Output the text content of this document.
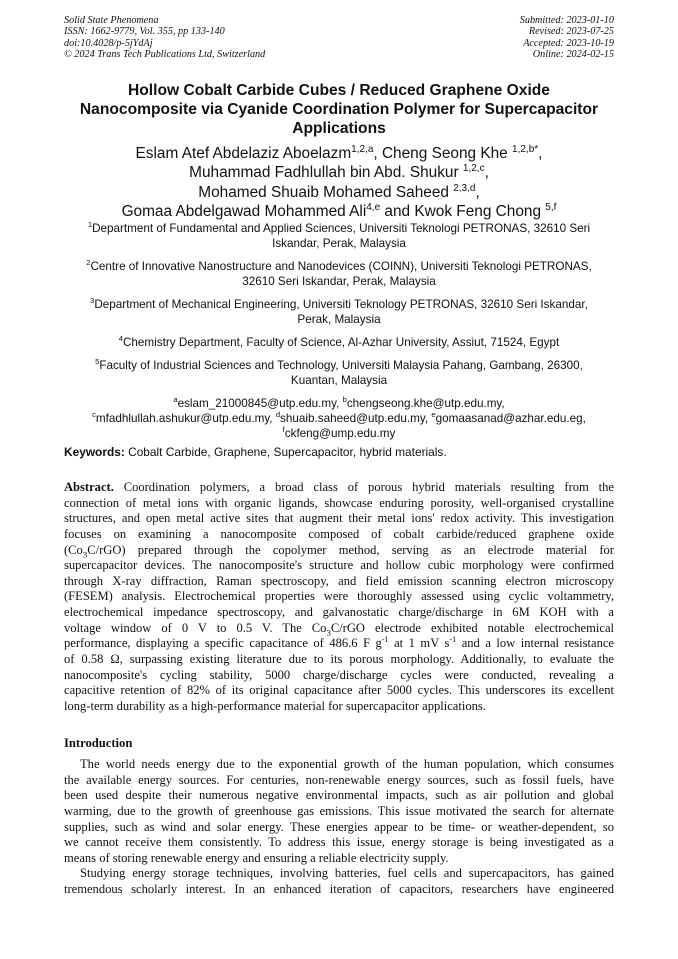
Solid State Phenomena
ISSN: 1662-9779, Vol. 355, pp 133-140
doi:10.4028/p-5jYdAj
© 2024 Trans Tech Publications Ltd, Switzerland
Submitted: 2023-01-10
Revised: 2023-07-25
Accepted: 2023-10-19
Online: 2024-02-15
Hollow Cobalt Carbide Cubes / Reduced Graphene Oxide
Nanocomposite via Cyanide Coordination Polymer for Supercapacitor
Applications
Eslam Atef Abdelaziz Aboelazm$^{1,2,a}$, Cheng Seong Khe $^{1,2,b*}$,
Muhammad Fadhlullah bin Abd. Shukur $^{1,2,c}$,
Mohamed Shuaib Mohamed Saheed $^{2,3,d}$,
Gomaa Abdelgawad Mohammed Ali$^{4,e}$ and Kwok Feng Chong $^{5,f}$
$^1$Department of Fundamental and Applied Sciences, Universiti Teknologi PETRONAS, 32610 Seri
Iskandar, Perak, Malaysia
$^2$Centre of Innovative Nanostructure and Nanodevices (COINN), Universiti Teknologi PETRONAS,
32610 Seri Iskandar, Perak, Malaysia
$^3$Department of Mechanical Engineering, Universiti Teknology PETRONAS, 32610 Seri Iskandar,
Perak, Malaysia
$^4$Chemistry Department, Faculty of Science, Al-Azhar University, Assiut, 71524, Egypt
$^5$Faculty of Industrial Sciences and Technology, Universiti Malaysia Pahang, Gambang, 26300,
Kuantan, Malaysia
$^a$eslam_21000845@utp.edu.my, $^b$chengseong.khe@utp.edu.my,
$^c$mfadhlullah.ashukur@utp.edu.my, $^d$shuaib.saheed@utp.edu.my, $^e$gomaasanad@azhar.edu.eg,
$^f$ckfeng@ump.edu.my
Keywords: Cobalt Carbide, Graphene, Supercapacitor, hybrid materials.
Abstract. Coordination polymers, a broad class of porous hybrid materials resulting from the
connection of metal ions with organic ligands, showcase enduring porosity, well-organised crystalline
structures, and open metal active sites that augment their metal ions' redox activity. This investigation
focuses on examining a nanocomposite composed of cobalt carbide/reduced graphene oxide
$(Co_3C/rGO)$ prepared through the copolymer method, serving as an electrode material for
supercapacitor devices. The nanocomposite's structure and hollow cubic morphology were confirmed
through X-ray diffraction, Raman spectroscopy, and field emission scanning electron microscopy
(FESEM) analysis. Electrochemical properties were thoroughly assessed using cyclic voltammetry,
electrochemical impedance spectroscopy, and galvanostatic charge/discharge in 6M KOH with a
voltage window of 0 V to 0.5 V. The $Co_3C$/rGO electrode exhibited notable electrochemical
performance, displaying a specific capacitance of 486.6 F $g^{-1}$ at 1 mV $s^{-1}$ and a low internal resistance
of 0.58 Ω, surpassing existing literature due to its porous morphology. Additionally, to evaluate the
nanocomposite's cycling stability, 5000 charge/discharge cycles were conducted, revealing a
capacitive retention of 82% of its original capacitance after 5000 cycles. This underscores its excellent
long-term durability as a high-performance material for supercapacitor applications.
Introduction
The world needs energy due to the exponential growth of the human population, which consumes
the available energy sources. For centuries, non-renewable energy sources, such as fossil fuels, have
been used despite their numerous negative environmental impacts, such as air pollution and global
warming, due to the growth of greenhouse gas emissions. This issue motivated the search for alternate
supplies, such as wind and solar energy. These energies appear to be time- or weather-dependent, so
we cannot receive them consistently. To address this issue, energy storage is being investigated as a
means of storing renewable energy and ensuring a reliable electricity supply.
Studying energy storage techniques, involving batteries, fuel cells and supercapacitors, has gained
tremendous scholarly interest. In an enhanced iteration of capacitors, researchers have engineered
